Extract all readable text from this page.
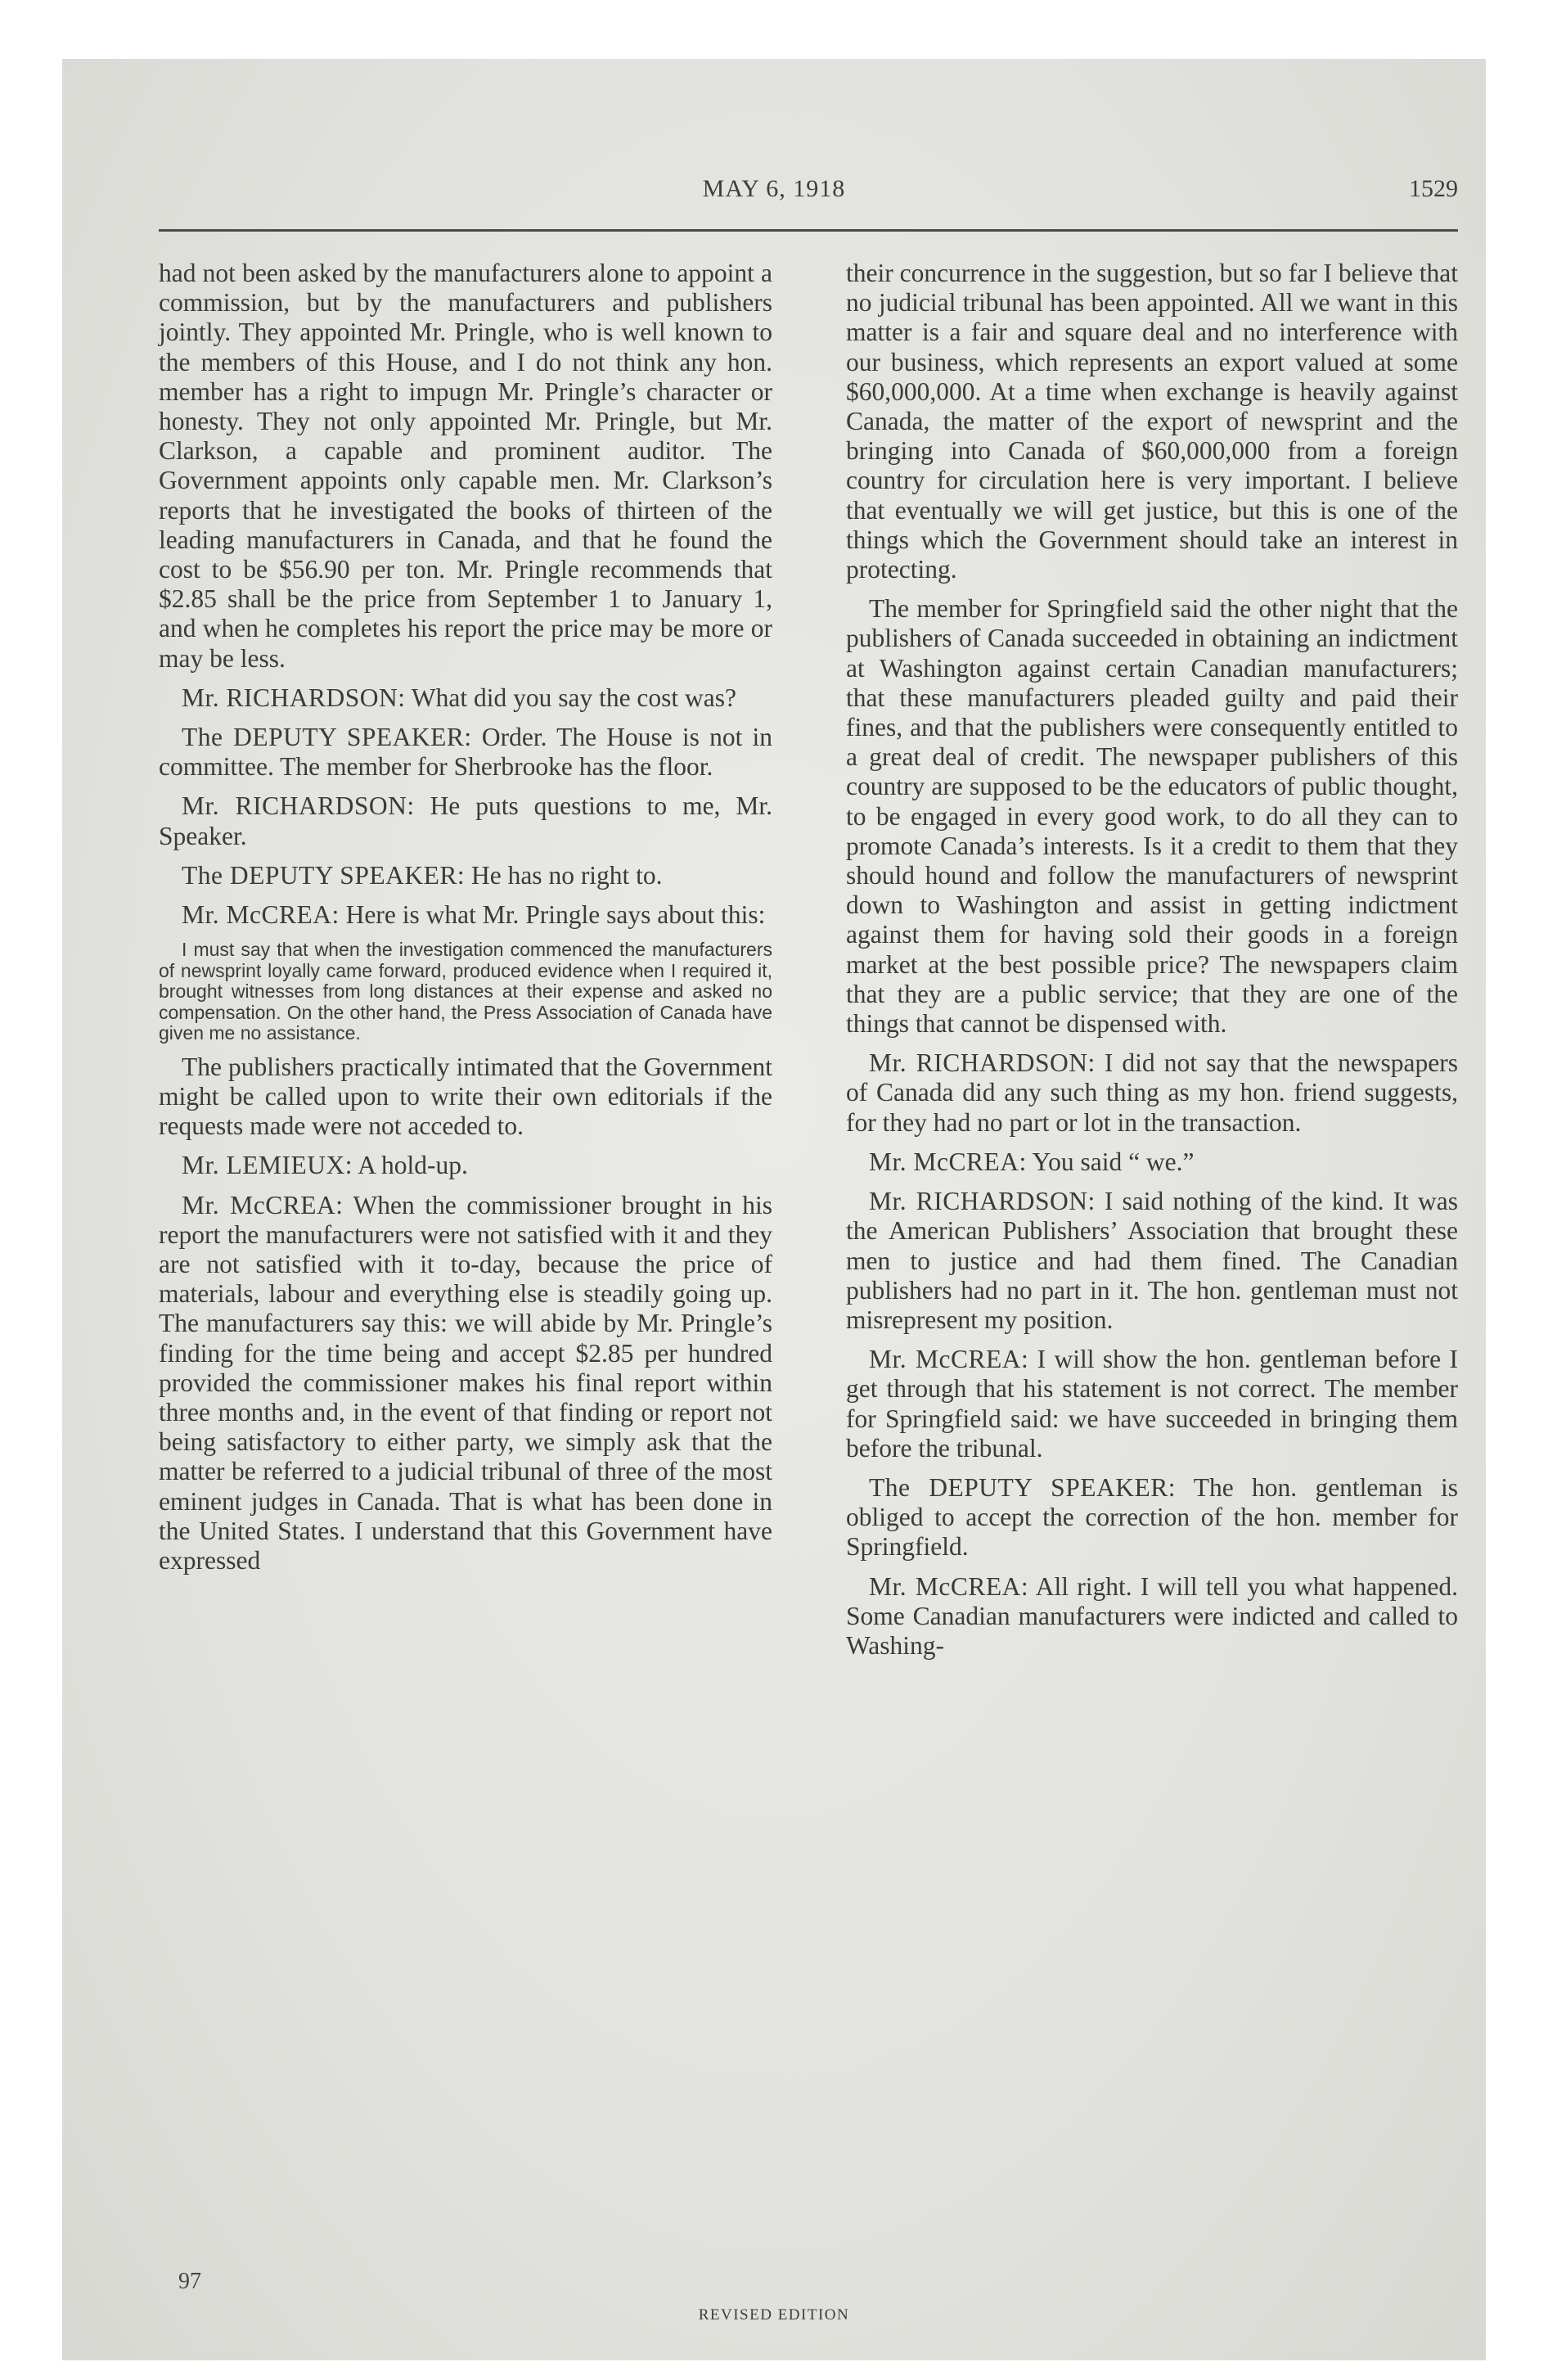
MAY 6, 1918	1529

had not been asked by the manufacturers alone to appoint a commission, but by the manufacturers and publishers jointly. They appointed Mr. Pringle, who is well known to the members of this House, and I do not think any hon. member has a right to impugn Mr. Pringle’s character or honesty. They not only appointed Mr. Pringle, but Mr. Clarkson, a capable and prominent auditor. The Government appoints only capable men. Mr. Clarkson’s reports that he investigated the books of thirteen of the leading manufacturers in Canada, and that he found the cost to be $56.90 per ton. Mr. Pringle recommends that $2.85 shall be the price from September 1 to January 1, and when he completes his report the price may be more or may be less.

Mr. RICHARDSON: What did you say the cost was?

The DEPUTY SPEAKER: Order. The House is not in committee. The member for Sherbrooke has the floor.

Mr. RICHARDSON: He puts questions to me, Mr. Speaker.

The DEPUTY SPEAKER: He has no right to.

Mr. McCREA: Here is what Mr. Pringle says about this:

I must say that when the investigation commenced the manufacturers of newsprint loyally came forward, produced evidence when I required it, brought witnesses from long distances at their expense and asked no compensation. On the other hand, the Press Association of Canada have given me no assistance.

The publishers practically intimated that the Government might be called upon to write their own editorials if the requests made were not acceded to.

Mr. LEMIEUX: A hold-up.

Mr. McCREA: When the commissioner brought in his report the manufacturers were not satisfied with it and they are not satisfied with it to-day, because the price of materials, labour and everything else is steadily going up. The manufacturers say this: we will abide by Mr. Pringle’s finding for the time being and accept $2.85 per hundred provided the commissioner makes his final report within three months and, in the event of that finding or report not being satisfactory to either party, we simply ask that the matter be referred to a judicial tribunal of three of the most eminent judges in Canada. That is what has been done in the United States. I understand that this Government have expressed

their concurrence in the suggestion, but so far I believe that no judicial tribunal has been appointed. All we want in this matter is a fair and square deal and no interference with our business, which represents an export valued at some $60,000,000. At a time when exchange is heavily against Canada, the matter of the export of newsprint and the bringing into Canada of $60,000,000 from a foreign country for circulation here is very important. I believe that eventually we will get justice, but this is one of the things which the Government should take an interest in protecting.

The member for Springfield said the other night that the publishers of Canada succeeded in obtaining an indictment at Washington against certain Canadian manufacturers; that these manufacturers pleaded guilty and paid their fines, and that the publishers were consequently entitled to a great deal of credit. The newspaper publishers of this country are supposed to be the educators of public thought, to be engaged in every good work, to do all they can to promote Canada’s interests. Is it a credit to them that they should hound and follow the manufacturers of newsprint down to Washington and assist in getting indictment against them for having sold their goods in a foreign market at the best possible price? The newspapers claim that they are a public service; that they are one of the things that cannot be dispensed with.

Mr. RICHARDSON: I did not say that the newspapers of Canada did any such thing as my hon. friend suggests, for they had no part or lot in the transaction.

Mr. McCREA: You said “ we.”

Mr. RICHARDSON: I said nothing of the kind. It was the American Publishers’ Association that brought these men to justice and had them fined. The Canadian publishers had no part in it. The hon. gentleman must not misrepresent my position.

Mr. McCREA: I will show the hon. gentleman before I get through that his statement is not correct. The member for Springfield said: we have succeeded in bringing them before the tribunal.

The DEPUTY SPEAKER: The hon. gentleman is obliged to accept the correction of the hon. member for Springfield.

Mr. McCREA: All right. I will tell you what happened. Some Canadian manufacturers were indicted and called to Washing-

97
REVISED EDITION
